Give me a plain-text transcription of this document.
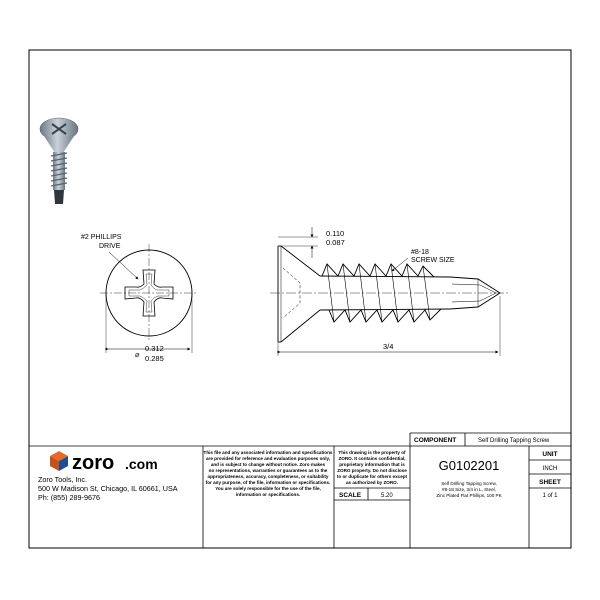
#2 PHILLIPS
DRIVE
⌀
0.312
0.285
0.110
0.087
#8-18
SCREW SIZE
3/4
zoro .com
Zoro Tools, Inc.
500 W Madison St, Chicago, IL 60661, USA
Ph: (855) 289-9676
This file and any associated information and specifications
are provided for reference and evaluation purposes only,
and is subject to change without notice. Zoro makes
no representations, warranties or guarantees as to the
appropriateness, accuracy, completeness, or suitability
for any purpose, of the file, information or specifications.
You are solely responsible for the use of the file,
information or specifications.
This drawing is the property of
ZORO. It contains confidential,
proprietary information that is
ZORO property. Do not disclose
to or duplicate for others except
as authorized by ZORO.
SCALE	5.20
COMPONENT	Self Drilling Tapping Screw
G0102201
Self Drilling Tapping Screw,
#8-18 Size, 3/4 in L, Steel,
Zinc Plated Flat Phillips, 100 PK
UNIT
INCH
SHEET
1 of 1
